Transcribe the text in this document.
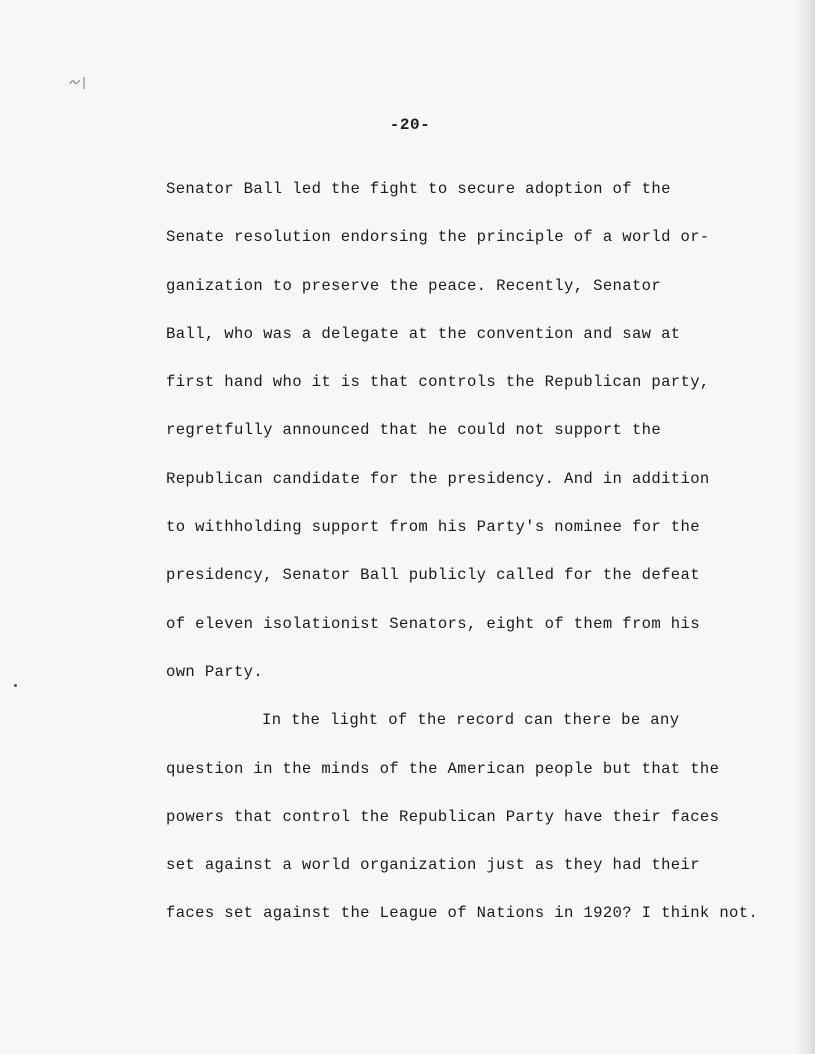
-20-

Senator Ball led the fight to secure adoption of the
Senate resolution endorsing the principle of a world or-
ganization to preserve the peace. Recently, Senator
Ball, who was a delegate at the convention and saw at
first hand who it is that controls the Republican party,
regretfully announced that he could not support the
Republican candidate for the presidency. And in addition
to withholding support from his Party's nominee for the
presidency, Senator Ball publicly called for the defeat
of eleven isolationist Senators, eight of them from his
own Party.
In the light of the record can there be any
question in the minds of the American people but that the
powers that control the Republican Party have their faces
set against a world organization just as they had their
faces set against the League of Nations in 1920? I think not.
